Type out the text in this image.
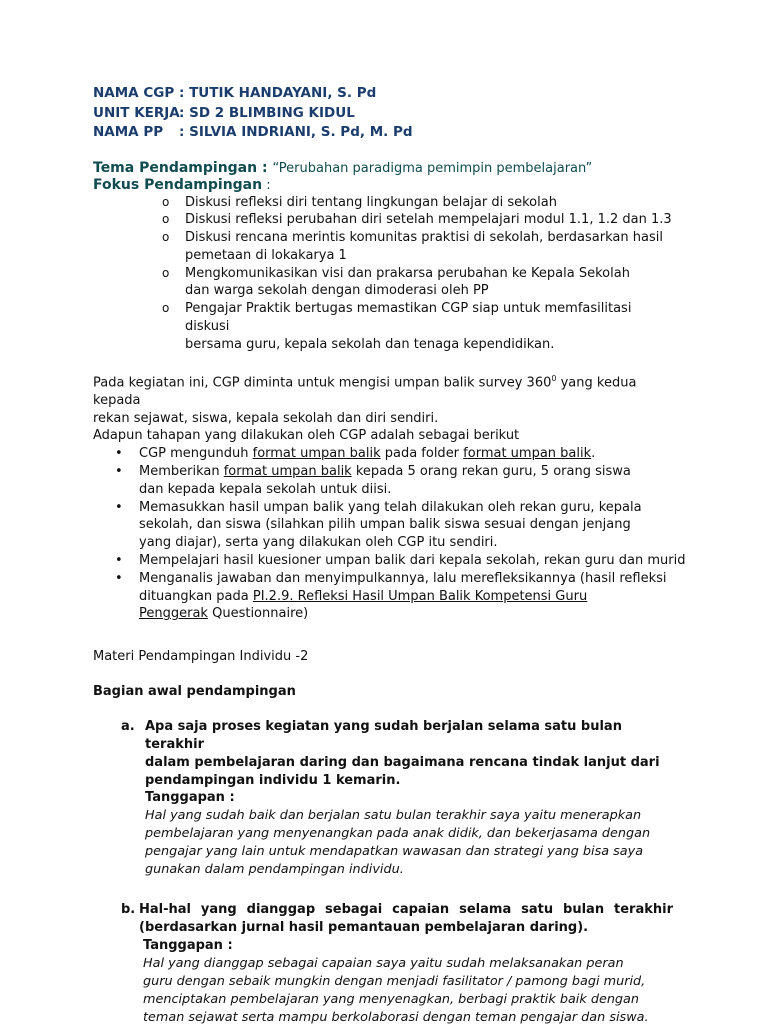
NAMA CGP : TUTIK HANDAYANI, S. Pd
UNIT KERJA : SD 2 BLIMBING KIDUL
NAMA PP	: SILVIA INDRIANI, S. Pd, M. Pd
Tema Pendampingan : “Perubahan paradigma pemimpin pembelajaran”
Fokus Pendampingan :
o Diskusi refleksi diri tentang lingkungan belajar di sekolah
o Diskusi refleksi perubahan diri setelah mempelajari modul 1.1, 1.2 dan 1.3
o Diskusi rencana merintis komunitas praktisi di sekolah, berdasarkan hasil
pemetaan di lokakarya 1
o Mengkomunikasikan visi dan prakarsa perubahan ke Kepala Sekolah
dan warga sekolah dengan dimoderasi oleh PP
o Pengajar Praktik bertugas memastikan CGP siap untuk memfasilitasi diskusi
bersama guru, kepala sekolah dan tenaga kependidikan.
Pada kegiatan ini, CGP diminta untuk mengisi umpan balik survey $360^0$ yang kedua kepada
rekan sejawat, siswa, kepala sekolah dan diri sendiri.
Adapun tahapan yang dilakukan oleh CGP adalah sebagai berikut
• CGP mengunduh format umpan balik pada folder format umpan balik.
• Memberikan format umpan balik kepada 5 orang rekan guru, 5 orang siswa
dan kepada kepala sekolah untuk diisi.
• Memasukkan hasil umpan balik yang telah dilakukan oleh rekan guru, kepala
sekolah, dan siswa (silahkan pilih umpan balik siswa sesuai dengan jenjang
yang diajar), serta yang dilakukan oleh CGP itu sendiri.
• Mempelajari hasil kuesioner umpan balik dari kepala sekolah, rekan guru dan murid
• Menganalis jawaban dan menyimpulkannya, lalu merefleksikannya (hasil refleksi
dituangkan pada PI.2.9. Refleksi Hasil Umpan Balik Kompetensi Guru
Penggerak Questionnaire)
Materi Pendampingan Individu -2
Bagian awal pendampingan
a. Apa saja proses kegiatan yang sudah berjalan selama satu bulan terakhir
dalam pembelajaran daring dan bagaimana rencana tindak lanjut dari
pendampingan individu 1 kemarin.
Tanggapan :
Hal yang sudah baik dan berjalan satu bulan terakhir saya yaitu menerapkan
pembelajaran yang menyenangkan pada anak didik, dan bekerjasama dengan
pengajar yang lain untuk mendapatkan wawasan dan strategi yang bisa saya
gunakan dalam pendampingan individu.
b. Hal-hal yang dianggap sebagai capaian selama satu bulan terakhir
(berdasarkan jurnal hasil pemantauan pembelajaran daring).
Tanggapan :
Hal yang dianggap sebagai capaian saya yaitu sudah melaksanakan peran
guru dengan sebaik mungkin dengan menjadi fasilitator / pamong bagi murid,
menciptakan pembelajaran yang menyenagkan, berbagi praktik baik dengan
teman sejawat serta mampu berkolaborasi dengan teman pengajar dan siswa.
